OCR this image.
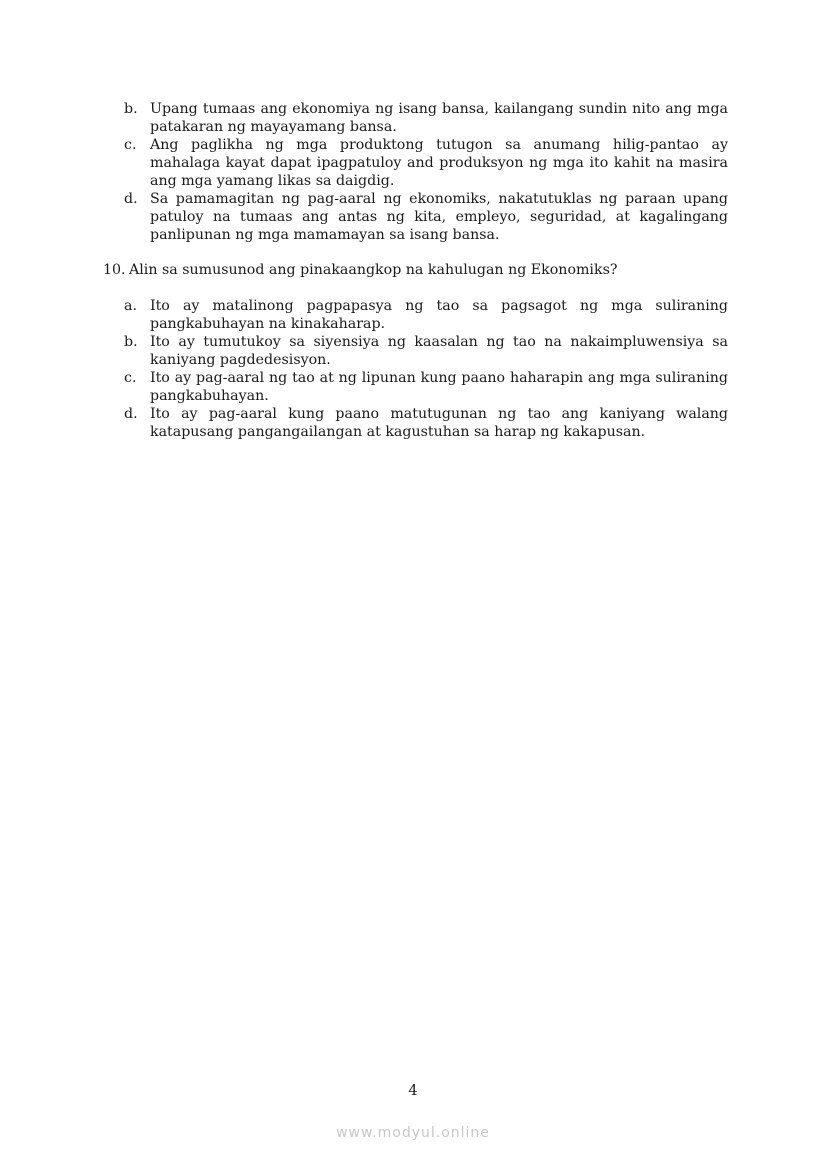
b. Upang tumaas ang ekonomiya ng isang bansa, kailangang sundin nito ang mga patakaran ng mayayamang bansa.
c. Ang paglikha ng mga produktong tutugon sa anumang hilig-pantao ay mahalaga kayat dapat ipagpatuloy and produksyon ng mga ito kahit na masira ang mga yamang likas sa daigdig.
d. Sa pamamagitan ng pag-aaral ng ekonomiks, nakatutuklas ng paraan upang patuloy na tumaas ang antas ng kita, empleyo, seguridad, at kagalingang panlipunan ng mga mamamayan sa isang bansa.
10. Alin sa sumusunod ang pinakaangkop na kahulugan ng Ekonomiks?
a. Ito ay matalinong pagpapasya ng tao sa pagsagot ng mga suliraning pangkabuhayan na kinakaharap.
b. Ito ay tumutukoy sa siyensiya ng kaasalan ng tao na nakaimpluwensiya sa kaniyang pagdedesisyon.
c. Ito ay pag-aaral ng tao at ng lipunan kung paano haharapin ang mga suliraning pangkabuhayan.
d. Ito ay pag-aaral kung paano matutugunan ng tao ang kaniyang walang katapusang pangangailangan at kagustuhan sa harap ng kakapusan.
4
www.modyul.online
